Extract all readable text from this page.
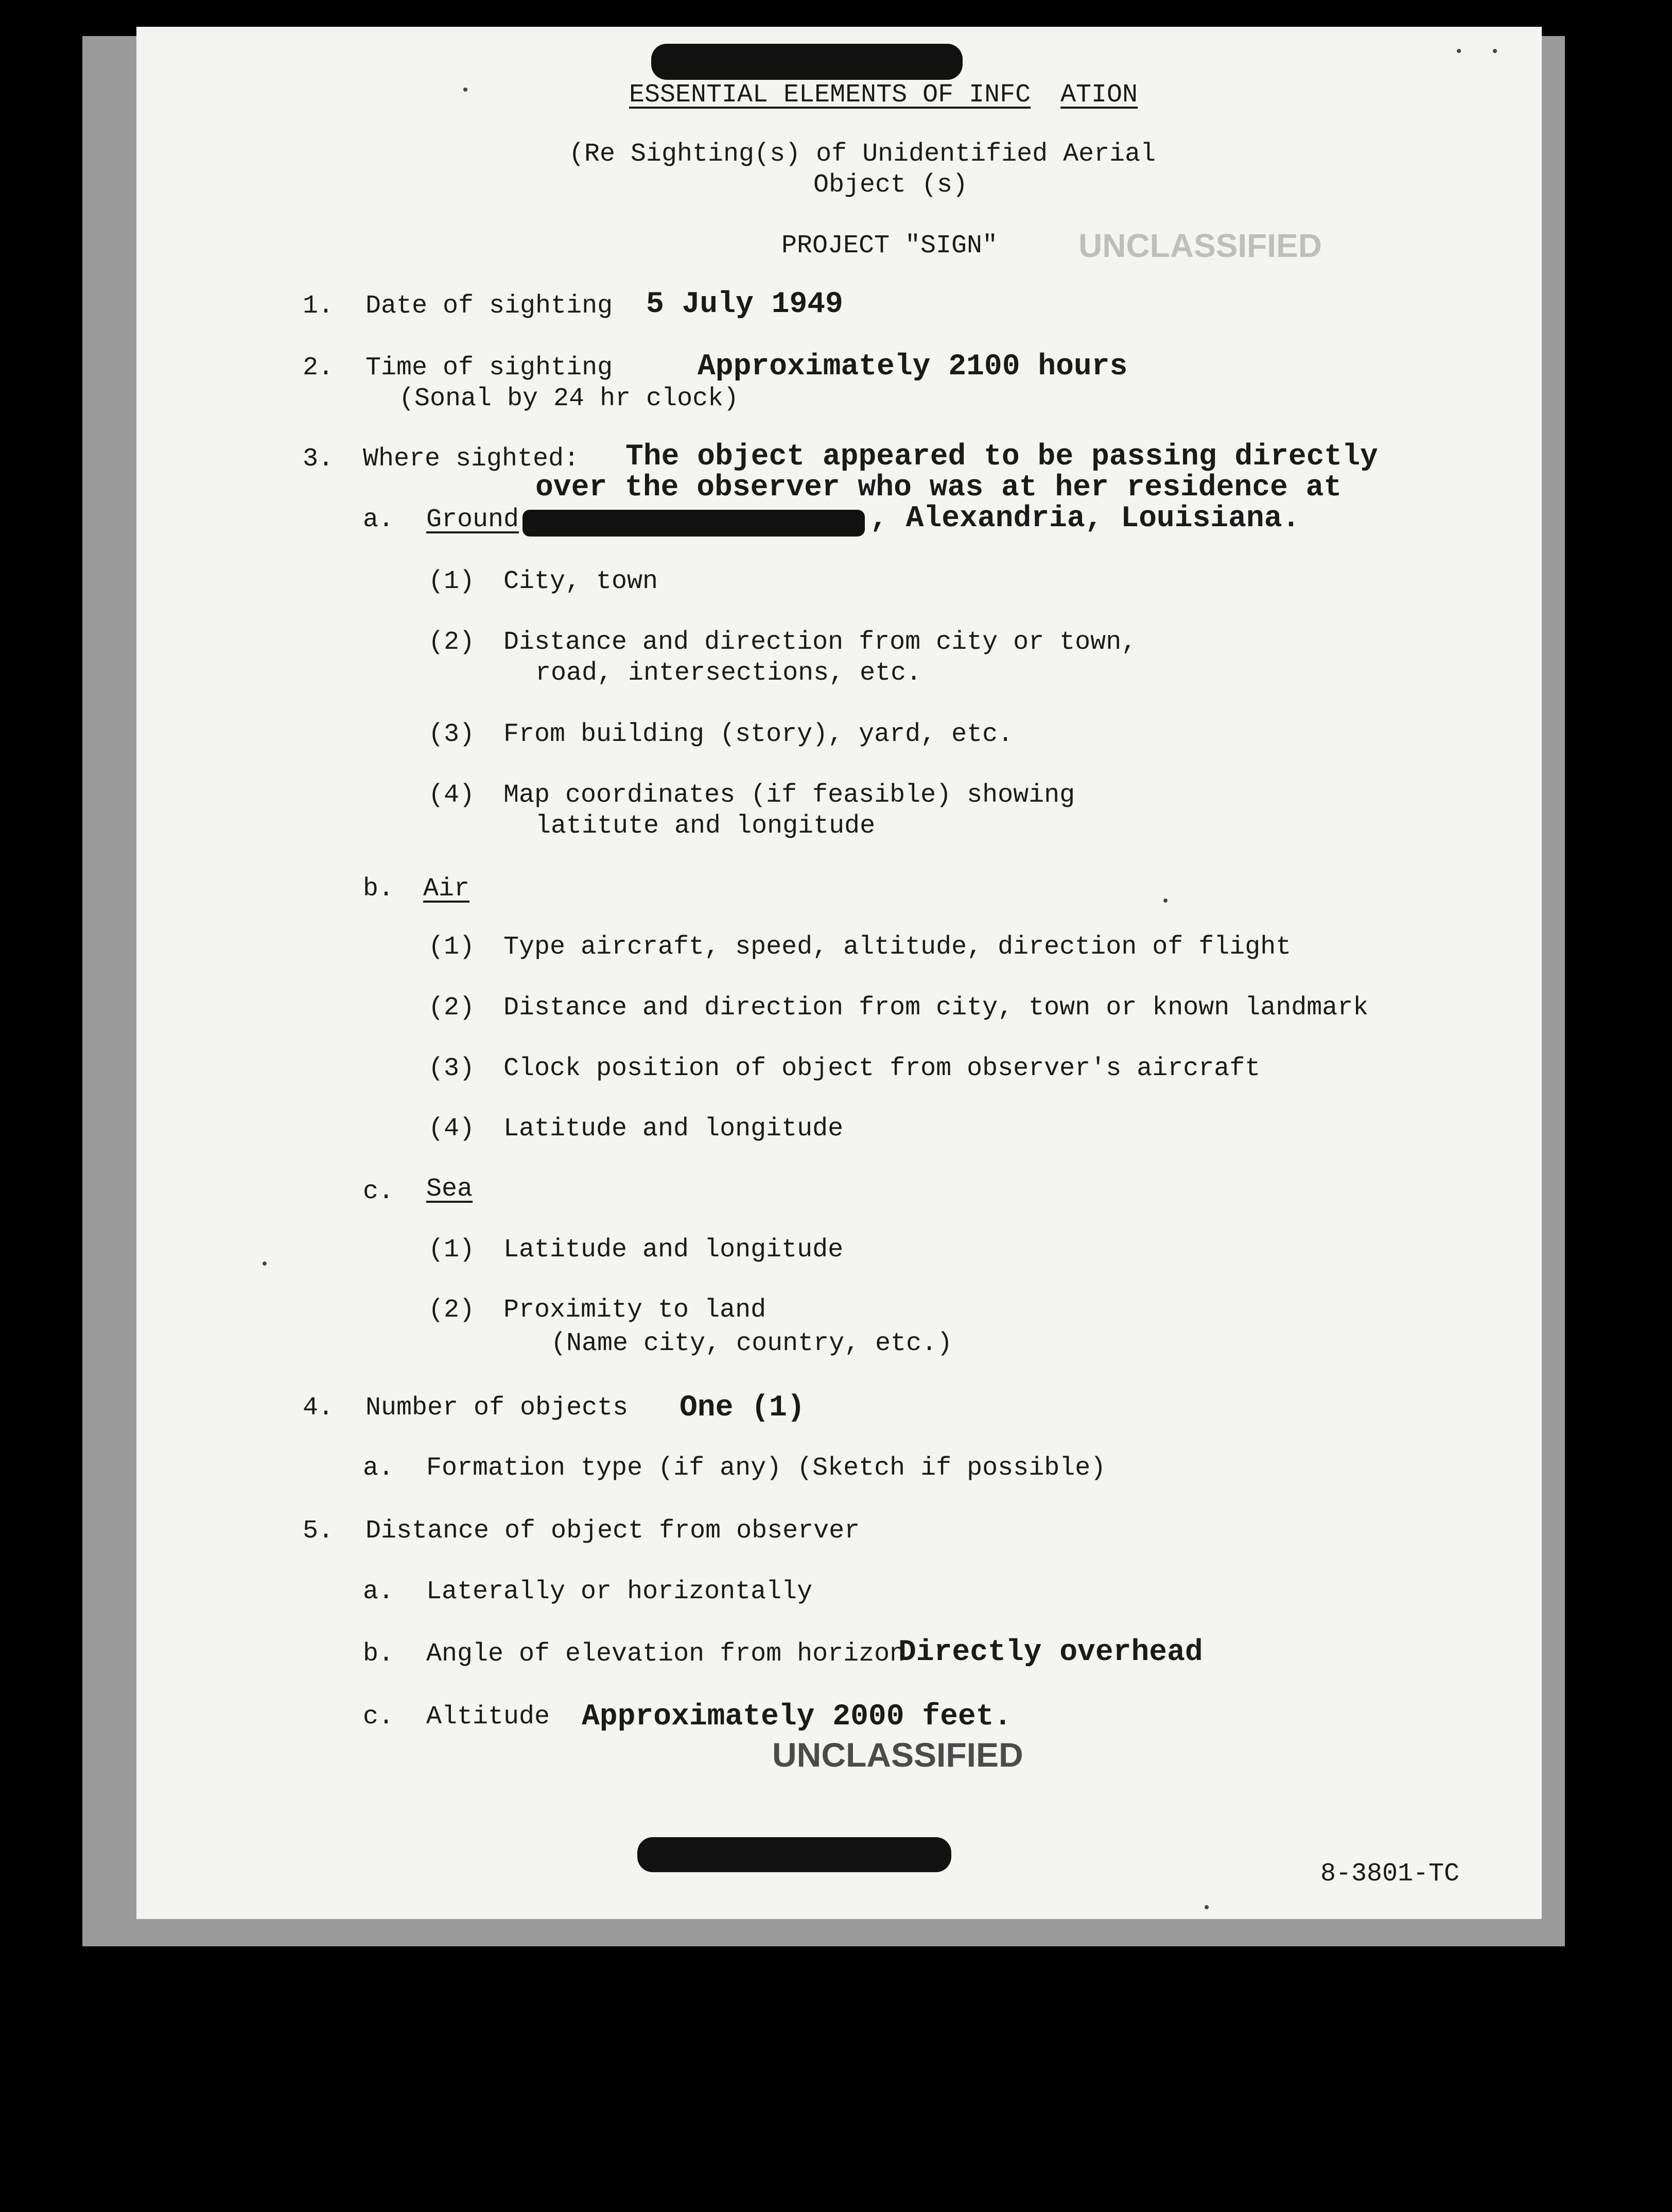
ESSENTIAL ELEMENTS OF INFC ATION
(Re Sighting(s) of Unidentified Aerial
Object (s)
PROJECT "SIGN" UNCLASSIFIED
1. Date of sighting 5 July 1949
2. Time of sighting
(Sonal by 24 hr clock)
Approximately 2100 hours
3. Where sighted: The object appeared to be passing directly
over the observer who was at her residence at
a. Ground	, Alexandria, Louisiana.
(1) City, town
(2) Distance and direction from city or town,
road, intersections, etc.
(3) From building (story), yard, etc.
(4) Map coordinates (if feasible) showing
latitute and longitude
b. Air
(1) Type aircraft, speed, altitude, direction of flight
(2) Distance and direction from city, town or known landmark
(3) Clock position of object from observer's aircraft
(4) Latitude and longitude
c. Sea
(1) Latitude and longitude
(2) Proximity to land
(Name city, country, etc.)
4. Number of objects One (1)
a. Formation type (if any) (Sketch if possible)
5. Distance of object from observer
a. Laterally or horizontally
b. Angle of elevation from horizon
Directly overhead
c. Altitude Approximately 2000 feet.
UNCLASSIFIED
8-3801-TC
